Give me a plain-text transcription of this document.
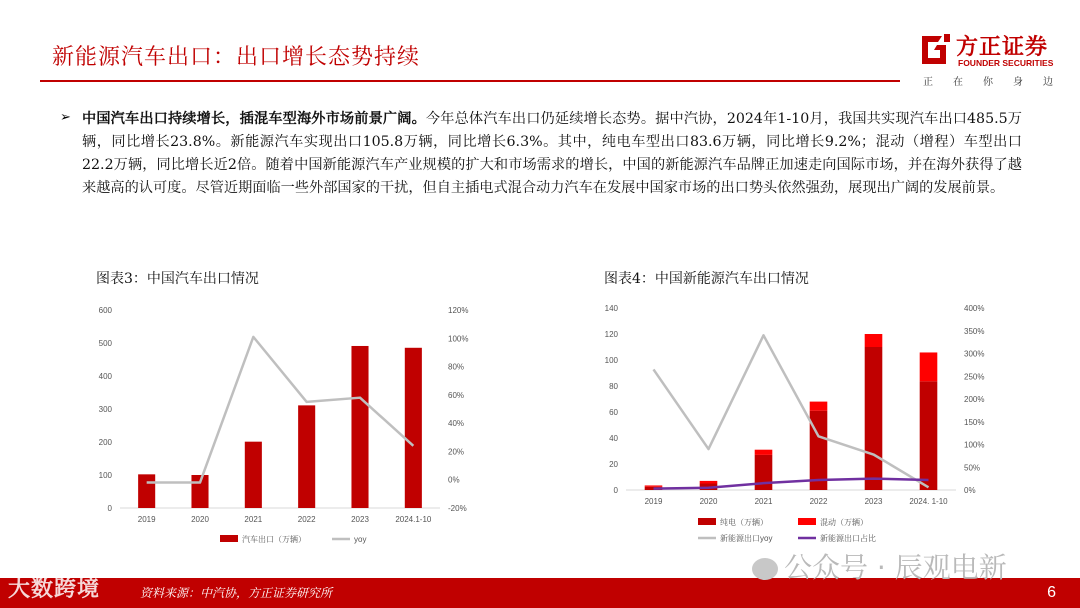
新能源汽车出口：出口增长态势持续	方正证券
FOUNDER SECURITIES
正 在 你 身 边
➢ 中国汽车出口持续增长，插混车型海外市场前景广阔。今年总体汽车出口仍延续增长态势。据中汽协，2024年1-10月，我国共实现汽车出口485.5万辆，同比增长23.8%。新能源汽车实现出口105.8万辆，同比增长6.3%。其中，纯电车型出口83.6万辆，同比增长9.2%；混动（增程）车型出口22.2万辆，同比增长近2倍。随着中国新能源汽车产业规模的扩大和市场需求的增长，中国的新能源汽车品牌正加速走向国际市场，并在海外获得了越来越高的认可度。尽管近期面临一些外部国家的干扰，但自主插电式混合动力汽车在发展中国家市场的出口势头依然强劲，展现出广阔的发展前景。
图表3：中国汽车出口情况
0
100
200
300
400
500
600
-20%
0%
20%
40%
60%
80%
100%
120%
2019	2020	2021	2022	2023	2024.1-10
汽车出口（万辆）	yoy
图表4：中国新能源汽车出口情况
0
20
40
60
80
100
120
140
0%
50%
100%
150%
200%
250%
300%
350%
400%
2019	2020	2021	2022	2023	2024. 1-10
纯电（万辆）	混动（万辆）
新能源出口yoy	新能源出口占比
资料来源：中汽协，方正证券研究所	6
大数跨境
公众号 · 辰观电新
